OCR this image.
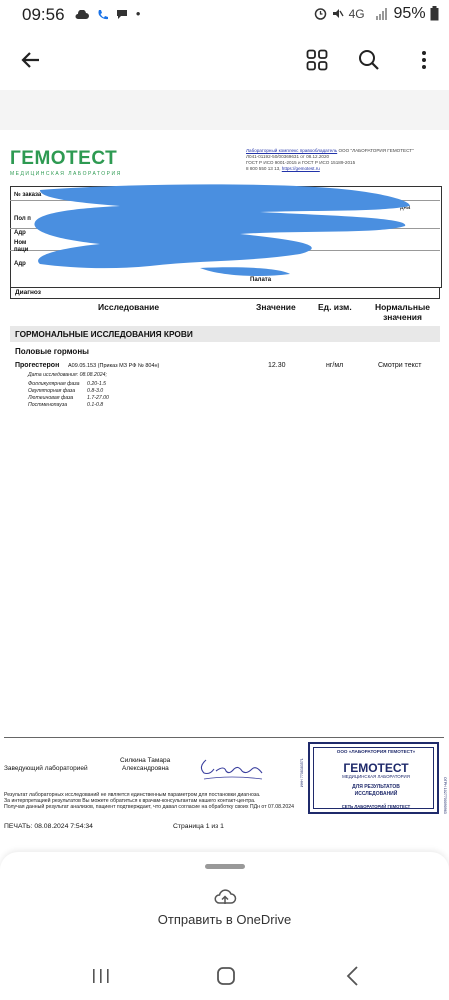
09:56	•	4G 95%
ГЕМОТЕСТ
МЕДИЦИНСКАЯ ЛАБОРАТОРИЯ
Лабораторный комплекс правообладатель ООО "ЛАБОРАТОРИЯ ГЕМОТЕСТ"
Л041-01192-50/00369631 от 08.12.2020
ГОСТ Р ИСО 9001-2015 и ГОСТ Р ИСО 15189-2015
8 800 550 13 13, https://gemotest.ru
№ заказа
Пол п
Адр
Ном
паци
Адр
Палата
дна
Диагноз
Исследование	Значение	Ед. изм.	Нормальные значения
ГОРМОНАЛЬНЫЕ ИССЛЕДОВАНИЯ КРОВИ
Половые гормоны
Прогестерон A09.05.153 (Приказ МЗ РФ № 804н)	12.30	нг/мл	Смотри текст
Дата исследования: 08.08.2024;
Фолликулярная фаза 0.20-1.5
Овуляторная фаза 0.8-3.0
Лютеиновая фаза	1.7-27.00
Постменопауза	0.1-0.8
Заведующий лабораторией
Силкина Тамара
Александровна
Результат лабораторных исследований не является единственным параметром для постановки диагноза.
За интерпретацией результатов Вы можете обратиться к врачам-консультантам нашего контакт-центра.
Получая данный результат анализов, пациент подтверждает, что давал согласие на обработку своих ПДн от 07.08.2024
ПЕЧАТЬ: 08.08.2024 7:54:34	Страница 1 из 1
ООО «ЛАБОРАТОРИЯ ГЕМОТЕСТ»
ГЕМОТЕСТ
МЕДИЦИНСКАЯ ЛАБОРАТОРИЯ
ДЛЯ РЕЗУЛЬТАТОВ
ИССЛЕДОВАНИЙ
СЕТЬ ЛАБОРАТОРИЙ ГЕМОТЕСТ
Отправить в OneDrive
